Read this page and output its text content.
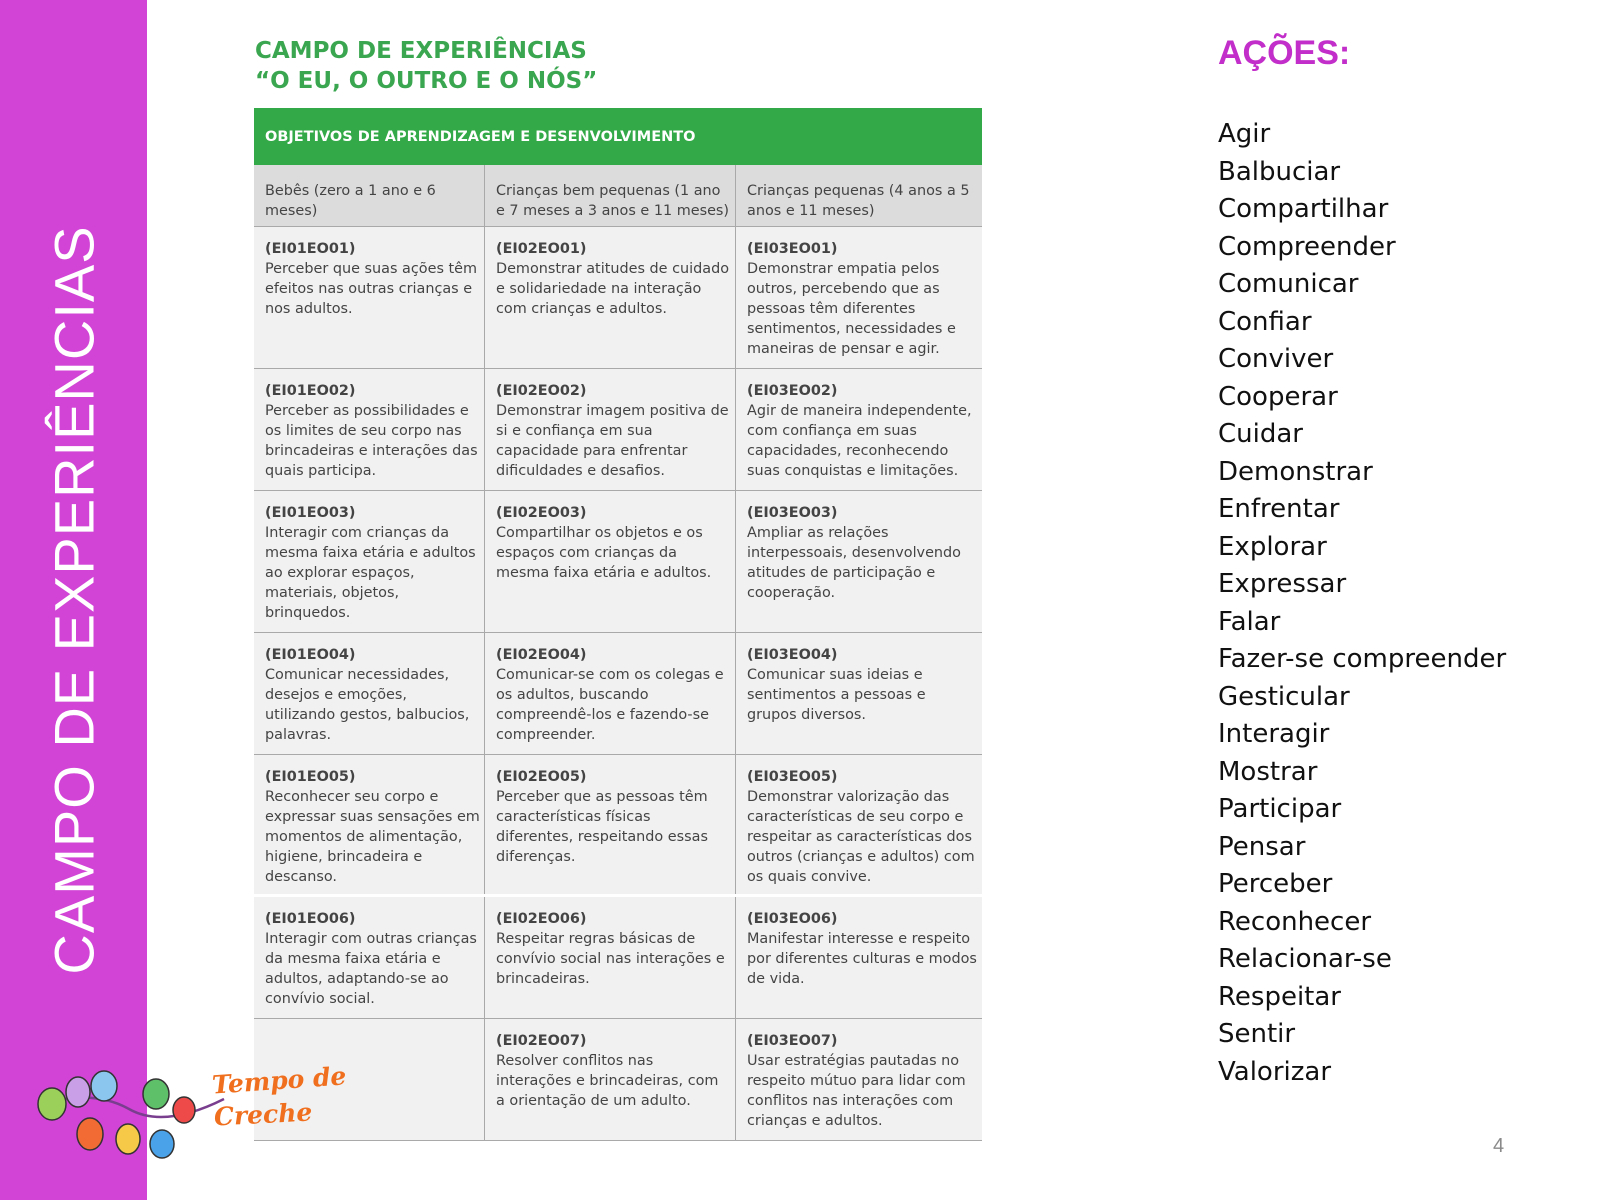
CAMPO DE EXPERIÊNCIAS
CAMPO DE EXPERIÊNCIAS
“O EU, O OUTRO E O NÓS”
OBJETIVOS DE APRENDIZAGEM E DESENVOLVIMENTO
Bebês (zero a 1 ano e 6 meses)
Crianças bem pequenas (1 ano e 7 meses a 3 anos e 11 meses)
Crianças pequenas (4 anos a 5 anos e 11 meses)
(EI01EO01)
Perceber que suas ações têm efeitos nas outras crianças e nos adultos.
(EI02EO01)
Demonstrar atitudes de cuidado e solidariedade na interação com crianças e adultos.
(EI03EO01)
Demonstrar empatia pelos outros, percebendo que as pessoas têm diferentes sentimentos, necessidades e maneiras de pensar e agir.
(EI01EO02)
Perceber as possibilidades e os limites de seu corpo nas brincadeiras e interações das quais participa.
(EI02EO02)
Demonstrar imagem positiva de si e confiança em sua capacidade para enfrentar dificuldades e desafios.
(EI03EO02)
Agir de maneira independente, com confiança em suas capacidades, reconhecendo suas conquistas e limitações.
(EI01EO03)
Interagir com crianças da mesma faixa etária e adultos ao explorar espaços, materiais, objetos, brinquedos.
(EI02EO03)
Compartilhar os objetos e os espaços com crianças da mesma faixa etária e adultos.
(EI03EO03)
Ampliar as relações interpessoais, desenvolvendo atitudes de participação e cooperação.
(EI01EO04)
Comunicar necessidades, desejos e emoções, utilizando gestos, balbucios, palavras.
(EI02EO04)
Comunicar-se com os colegas e os adultos, buscando compreendê-los e fazendo-se compreender.
(EI03EO04)
Comunicar suas ideias e sentimentos a pessoas e grupos diversos.
(EI01EO05)
Reconhecer seu corpo e expressar suas sensações em momentos de alimentação, higiene, brincadeira e descanso.
(EI02EO05)
Perceber que as pessoas têm características físicas diferentes, respeitando essas diferenças.
(EI03EO05)
Demonstrar valorização das características de seu corpo e respeitar as características dos outros (crianças e adultos) com os quais convive.
(EI01EO06)
Interagir com outras crianças da mesma faixa etária e adultos, adaptando-se ao convívio social.
(EI02EO06)
Respeitar regras básicas de convívio social nas interações e brincadeiras.
(EI03EO06)
Manifestar interesse e respeito por diferentes culturas e modos de vida.
(EI02EO07)
Resolver conflitos nas interações e brincadeiras, com a orientação de um adulto.
(EI03EO07)
Usar estratégias pautadas no respeito mútuo para lidar com conflitos nas interações com crianças e adultos.
AÇÕES:
Agir
Balbuciar
Compartilhar
Compreender
Comunicar
Confiar
Conviver
Cooperar
Cuidar
Demonstrar
Enfrentar
Explorar
Expressar
Falar
Fazer-se compreender
Gesticular
Interagir
Mostrar
Participar
Pensar
Perceber
Reconhecer
Relacionar-se
Respeitar
Sentir
Valorizar
Tempo de
Creche
4
